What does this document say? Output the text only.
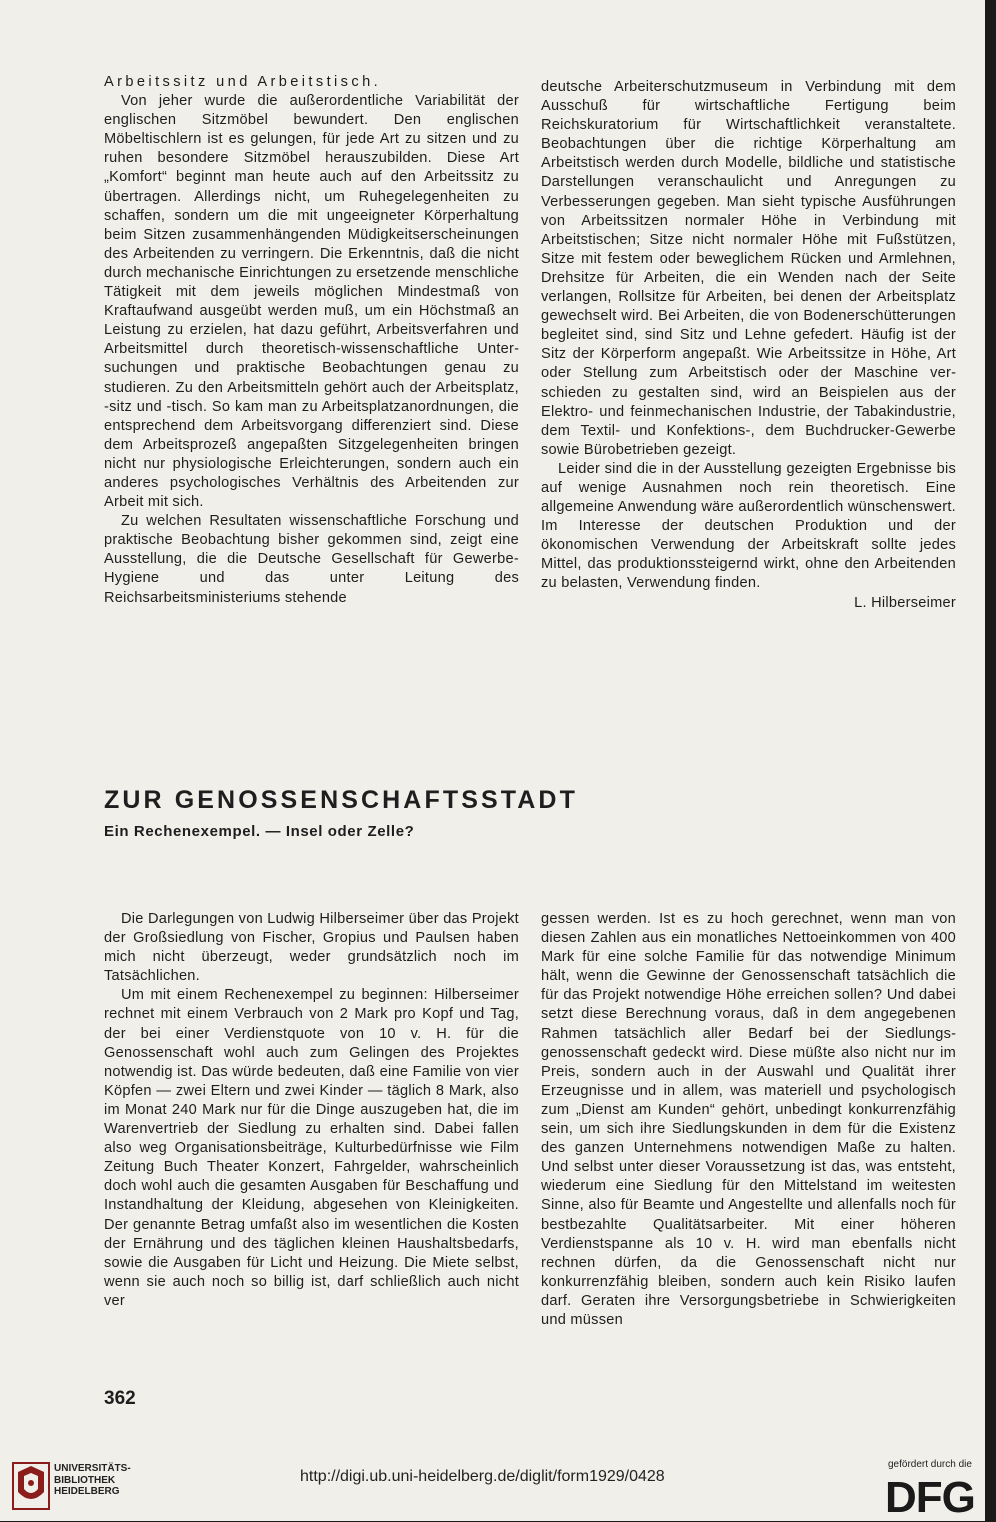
Arbeitssitz und Arbeitstisch.

Von jeher wurde die außerordentliche Variabilität der englischen Sitzmöbel bewundert. Den englischen Möbeltischlern ist es gelungen, für jede Art zu sitzen und zu ruhen besondere Sitzmöbel herauszubilden. Diese Art „Komfort“ beginnt man heute auch auf den Arbeitssitz zu übertragen. Allerdings nicht, um Ruhegelegenheiten zu schaffen, sondern um die mit ungeeigneter Körperhaltung beim Sitzen zusammenhängenden Müdigkeitserscheinungen des Arbeitenden zu verringern. Die Erkenntnis, daß die nicht durch mechanische Einrichtungen zu ersetzende menschliche Tätigkeit mit dem jeweils möglichen Mindestmaß von Kraftaufwand ausgeübt werden muß, um ein Höchstmaß an Leistung zu erzielen, hat dazu geführt, Arbeitsverfahren und Arbeitsmittel durch theoretisch-wissenschaftliche Untersuchungen und praktische Beobachtungen genau zu studieren. Zu den Arbeitsmitteln gehört auch der Arbeitsplatz, -sitz und -tisch. So kam man zu Arbeitsplatzanordnungen, die entsprechend dem Arbeitsvorgang differenziert sind. Diese dem Arbeitsprozeß angepaßten Sitzgelegenheiten bringen nicht nur physiologische Erleichterungen, sondern auch ein anderes psychologisches Verhältnis des Arbeitenden zur Arbeit mit sich.

Zu welchen Resultaten wissenschaftliche Forschung und praktische Beobachtung bisher gekommen sind, zeigt eine Ausstellung, die die Deutsche Gesellschaft für Gewerbe-Hygiene und das unter Leitung des Reichsarbeitsministeriums stehende

deutsche Arbeiterschutzmuseum in Verbindung mit dem Ausschuß für wirtschaftliche Fertigung beim Reichskuratorium für Wirtschaftlichkeit veranstaltete. Beobachtungen über die richtige Körperhaltung am Arbeitstisch werden durch Modelle, bildliche und statistische Darstellungen veranschaulicht und Anregungen zu Verbesserungen gegeben. Man sieht typische Ausführungen von Arbeitssitzen normaler Höhe in Verbindung mit Arbeitstischen; Sitze nicht normaler Höhe mit Fußstützen, Sitze mit festem oder beweglichem Rücken und Armlehnen, Drehsitze für Arbeiten, die ein Wenden nach der Seite verlangen, Rollsitze für Arbeiten, bei denen der Arbeitsplatz gewechselt wird. Bei Arbeiten, die von Bodenerschütterungen begleitet sind, sind Sitz und Lehne gefedert. Häufig ist der Sitz der Körperform angepaßt. Wie Arbeitssitze in Höhe, Art oder Stellung zum Arbeitstisch oder der Maschine verschieden zu gestalten sind, wird an Beispielen aus der Elektro- und feinmechanischen Industrie, der Tabakindustrie, dem Textil- und Konfektions-, dem Buchdrucker-Gewerbe sowie Bürobetrieben gezeigt.

Leider sind die in der Ausstellung gezeigten Ergebnisse bis auf wenige Ausnahmen noch rein theoretisch. Eine allgemeine Anwendung wäre außerordentlich wünschenswert. Im Interesse der deutschen Produktion und der ökonomischen Verwendung der Arbeitskraft sollte jedes Mittel, das produktionssteigernd wirkt, ohne den Arbeitenden zu belasten, Verwendung finden.

L. Hilberseimer

ZUR GENOSSENSCHAFTSSTADT
Ein Rechenexempel. — Insel oder Zelle?

Die Darlegungen von Ludwig Hilberseimer über das Projekt der Großsiedlung von Fischer, Gropius und Paulsen haben mich nicht überzeugt, weder grundsätzlich noch im Tatsächlichen.

Um mit einem Rechenexempel zu beginnen: Hilberseimer rechnet mit einem Verbrauch von 2 Mark pro Kopf und Tag, der bei einer Verdienstquote von 10 v. H. für die Genossenschaft wohl auch zum Gelingen des Projektes notwendig ist. Das würde bedeuten, daß eine Familie von vier Köpfen — zwei Eltern und zwei Kinder — täglich 8 Mark, also im Monat 240 Mark nur für die Dinge auszugeben hat, die im Warenvertrieb der Siedlung zu erhalten sind. Dabei fallen also weg Organisationsbeiträge, Kulturbedürfnisse wie Film Zeitung Buch Theater Konzert, Fahrgelder, wahrscheinlich doch wohl auch die gesamten Ausgaben für Beschaffung und Instandhaltung der Kleidung, abgesehen von Kleinigkeiten. Der genannte Betrag umfaßt also im wesentlichen die Kosten der Ernährung und des täglichen kleinen Haushaltsbedarfs, sowie die Ausgaben für Licht und Heizung. Die Miete selbst, wenn sie auch noch so billig ist, darf schließlich auch nicht ver

gessen werden. Ist es zu hoch gerechnet, wenn man von diesen Zahlen aus ein monatliches Nettoeinkommen von 400 Mark für eine solche Familie für das notwendige Minimum hält, wenn die Gewinne der Genossenschaft tatsächlich die für das Projekt notwendige Höhe erreichen sollen? Und dabei setzt diese Berechnung voraus, daß in dem angegebenen Rahmen tatsächlich aller Bedarf bei der Siedlungsgenossenschaft gedeckt wird. Diese müßte also nicht nur im Preis, sondern auch in der Auswahl und Qualität ihrer Erzeugnisse und in allem, was materiell und psychologisch zum „Dienst am Kunden“ gehört, unbedingt konkurrenzfähig sein, um sich ihre Siedlungskunden in dem für die Existenz des ganzen Unternehmens notwendigen Maße zu halten. Und selbst unter dieser Voraussetzung ist das, was entsteht, wiederum eine Siedlung für den Mittelstand im weitesten Sinne, also für Beamte und Angestellte und allenfalls noch für bestbezahlte Qualitätsarbeiter. Mit einer höheren Verdienstspanne als 10 v. H. wird man ebenfalls nicht rechnen dürfen, da die Genossenschaft nicht nur konkurrenzfähig bleiben, sondern auch kein Risiko laufen darf. Geraten ihre Versorgungsbetriebe in Schwierigkeiten und müssen

362
UNIVERSITÄTS-
BIBLIOTHEK
HEIDELBERG
http://digi.ub.uni-heidelberg.de/diglit/form1929/0428
gefördert durch die
DFG
